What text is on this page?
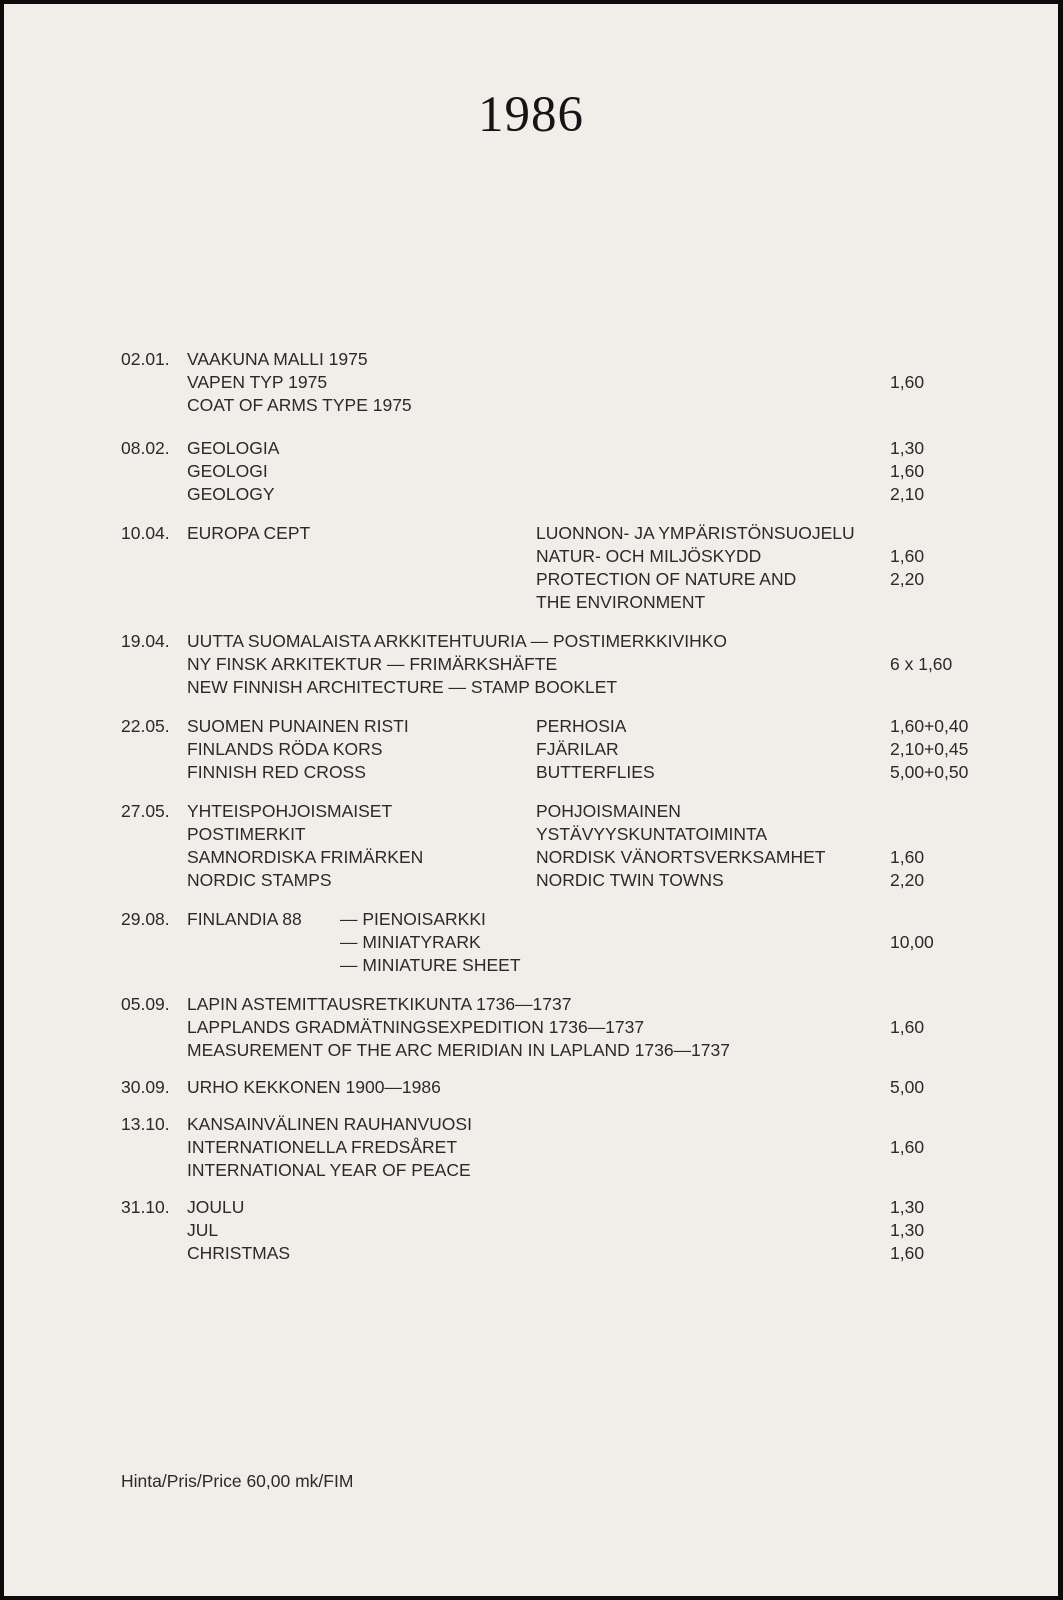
1986
02.01. VAAKUNA MALLI 1975
VAPEN TYP 1975	1,60
COAT OF ARMS TYPE 1975
08.02. GEOLOGIA	1,30
GEOLOGI	1,60
GEOLOGY	2,10
10.04. EUROPA CEPT	LUONNON- JA YMPÄRISTÖNSUOJELU
NATUR- OCH MILJÖSKYDD	1,60
PROTECTION OF NATURE AND	2,20
THE ENVIRONMENT
19.04. UUTTA SUOMALAISTA ARKKITEHTUURIA — POSTIMERKKIVIHKO
NY FINSK ARKITEKTUR — FRIMÄRKSHÄFTE	6 x 1,60
NEW FINNISH ARCHITECTURE — STAMP BOOKLET
22.05. SUOMEN PUNAINEN RISTI	PERHOSIA	1,60+0,40
FINLANDS RÖDA KORS	FJÄRILAR	2,10+0,45
FINNISH RED CROSS	BUTTERFLIES	5,00+0,50
27.05. YHTEISPOHJOISMAISET	POHJOISMAINEN
POSTIMERKIT	YSTÄVYYSKUNTATOIMINTA
SAMNORDISKA FRIMÄRKEN	NORDISK VÄNORTSVERKSAMHET	1,60
NORDIC STAMPS	NORDIC TWIN TOWNS	2,20
29.08. FINLANDIA 88 — PIENOISARKKI
— MINIATYRARK	10,00
— MINIATURE SHEET
05.09. LAPIN ASTEMITTAUSRETKIKUNTA 1736—1737
LAPPLANDS GRADMÄTNINGSEXPEDITION 1736—1737	1,60
MEASUREMENT OF THE ARC MERIDIAN IN LAPLAND 1736—1737
30.09. URHO KEKKONEN 1900—1986	5,00
13.10. KANSAINVÄLINEN RAUHANVUOSI
INTERNATIONELLA FREDSÅRET	1,60
INTERNATIONAL YEAR OF PEACE
31.10. JOULU	1,30
JUL	1,30
CHRISTMAS	1,60
Hinta/Pris/Price 60,00 mk/FIM
